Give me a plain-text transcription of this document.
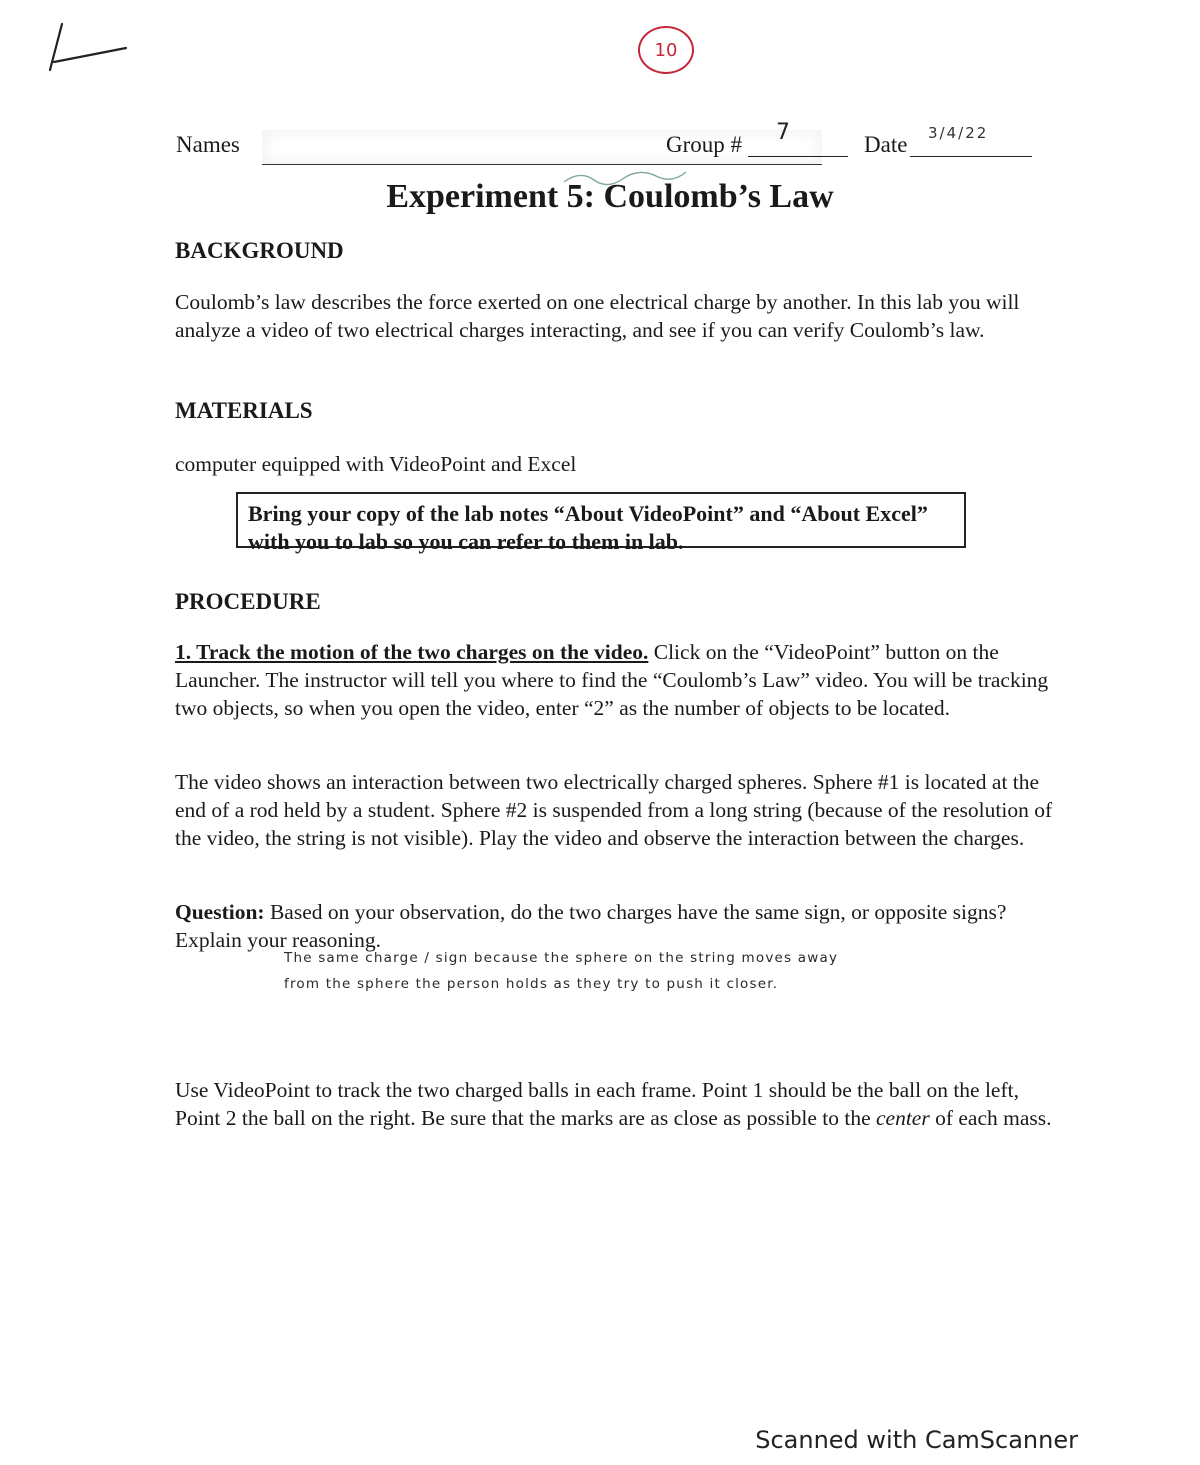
10
Names	Group # 7	Date 3/4/22
Experiment 5: Coulomb’s Law
BACKGROUND

Coulomb’s law describes the force exerted on one electrical charge by another. In this lab you will analyze a video of two electrical charges interacting, and see if you can verify Coulomb’s law.

MATERIALS

computer equipped with VideoPoint and Excel

Bring your copy of the lab notes “About VideoPoint” and “About Excel” with you to lab so you can refer to them in lab.
PROCEDURE

1. Track the motion of the two charges on the video. Click on the “VideoPoint” button on the Launcher. The instructor will tell you where to find the “Coulomb’s Law” video. You will be tracking two objects, so when you open the video, enter “2” as the number of objects to be located.

The video shows an interaction between two electrically charged spheres. Sphere #1 is located at the end of a rod held by a student. Sphere #2 is suspended from a long string (because of the resolution of the video, the string is not visible). Play the video and observe the interaction between the charges.

Question: Based on your observation, do the two charges have the same sign, or opposite signs? Explain your reasoning.

The same charge / sign because the sphere on the string moves away

from the sphere the person holds as they try to push it closer.

Use VideoPoint to track the two charged balls in each frame. Point 1 should be the ball on the left, Point 2 the ball on the right. Be sure that the marks are as close as possible to the center of each mass.

Scanned with CamScanner
